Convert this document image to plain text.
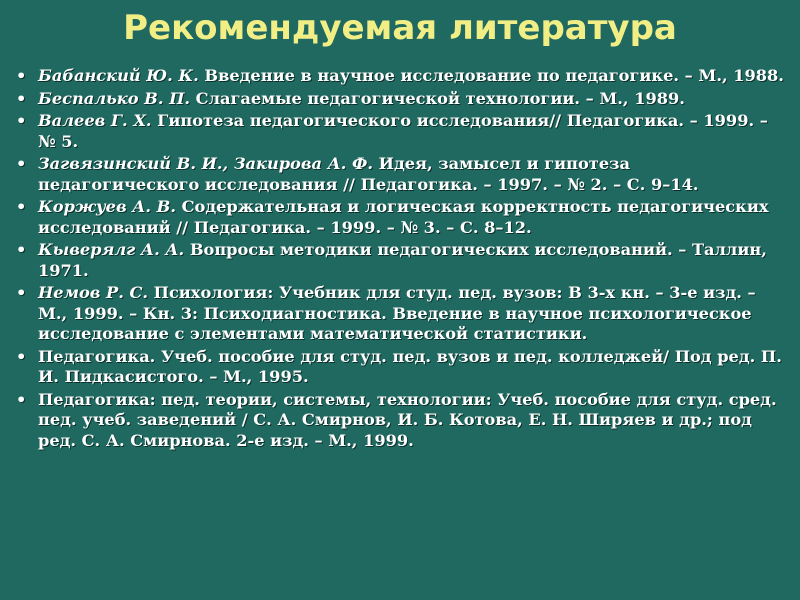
Рекомендуемая литература
• Бабанский Ю. К. Введение в научное исследование по педагогике. – М., 1988.
• Беспалько В. П. Слагаемые педагогической технологии. – М., 1989.
• Валеев Г. Х. Гипотеза педагогического исследования// Педагогика. – 1999. – № 5.
• Загвязинский В. И., Закирова А. Ф. Идея, замысел и гипотеза педагогического исследования // Педагогика. – 1997. – № 2. – С. 9–14.
• Коржуев А. В. Содержательная и логическая корректность педагогических исследований // Педагогика. – 1999. – № 3. – С. 8–12.
• Кыверялг А. А. Вопросы методики педагогических исследований. – Таллин, 1971.
• Немов Р. С. Психология: Учебник для студ. пед. вузов: В 3-х кн. – 3-е изд. – М., 1999. – Кн. 3: Психодиагностика. Введение в научное психологическое исследование с элементами математической статистики.
• Педагогика. Учеб. пособие для студ. пед. вузов и пед. колледжей/ Под ред. П. И. Пидкасистого. – М., 1995.
• Педагогика: пед. теории, системы, технологии: Учеб. пособие для студ. сред. пед. учеб. заведений / С. А. Смирнов, И. Б. Котова, Е. Н. Ширяев и др.; под ред. С. А. Смирнова. 2-е изд. – М., 1999.
